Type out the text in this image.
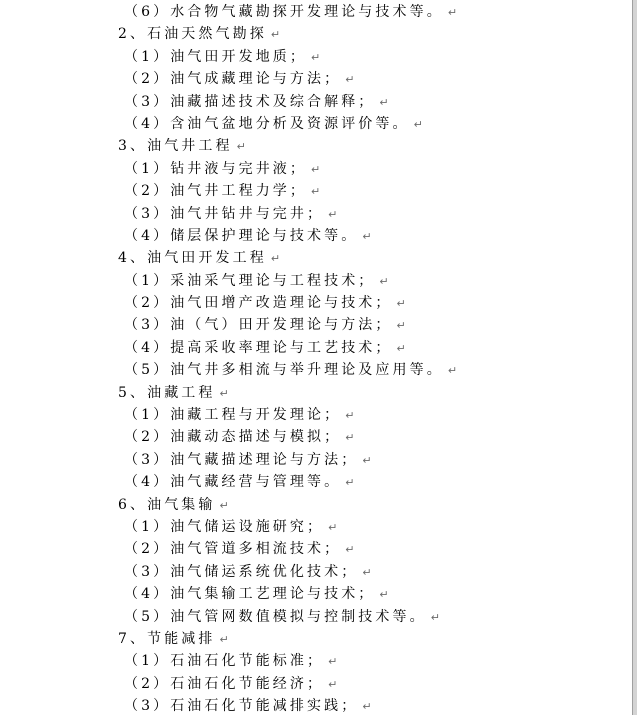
（6）水合物气藏勘探开发理论与技术等。 ↵
2、石油天然气勘探 ↵
（1）油气田开发地质； ↵
（2）油气成藏理论与方法； ↵
（3）油藏描述技术及综合解释； ↵
（4）含油气盆地分析及资源评价等。 ↵
3、油气井工程 ↵
（1）钻井液与完井液； ↵
（2）油气井工程力学； ↵
（3）油气井钻井与完井； ↵
（4）储层保护理论与技术等。 ↵
4、油气田开发工程 ↵
（1）采油采气理论与工程技术； ↵
（2）油气田增产改造理论与技术； ↵
（3）油（气）田开发理论与方法； ↵
（4）提高采收率理论与工艺技术； ↵
（5）油气井多相流与举升理论及应用等。 ↵
5、油藏工程 ↵
（1）油藏工程与开发理论； ↵
（2）油藏动态描述与模拟； ↵
（3）油气藏描述理论与方法； ↵
（4）油气藏经营与管理等。 ↵
6、油气集输 ↵
（1）油气储运设施研究； ↵
（2）油气管道多相流技术； ↵
（3）油气储运系统优化技术； ↵
（4）油气集输工艺理论与技术； ↵
（5）油气管网数值模拟与控制技术等。 ↵
7、节能减排 ↵
（1）石油石化节能标准； ↵
（2）石油石化节能经济； ↵
（3）石油石化节能减排实践； ↵
